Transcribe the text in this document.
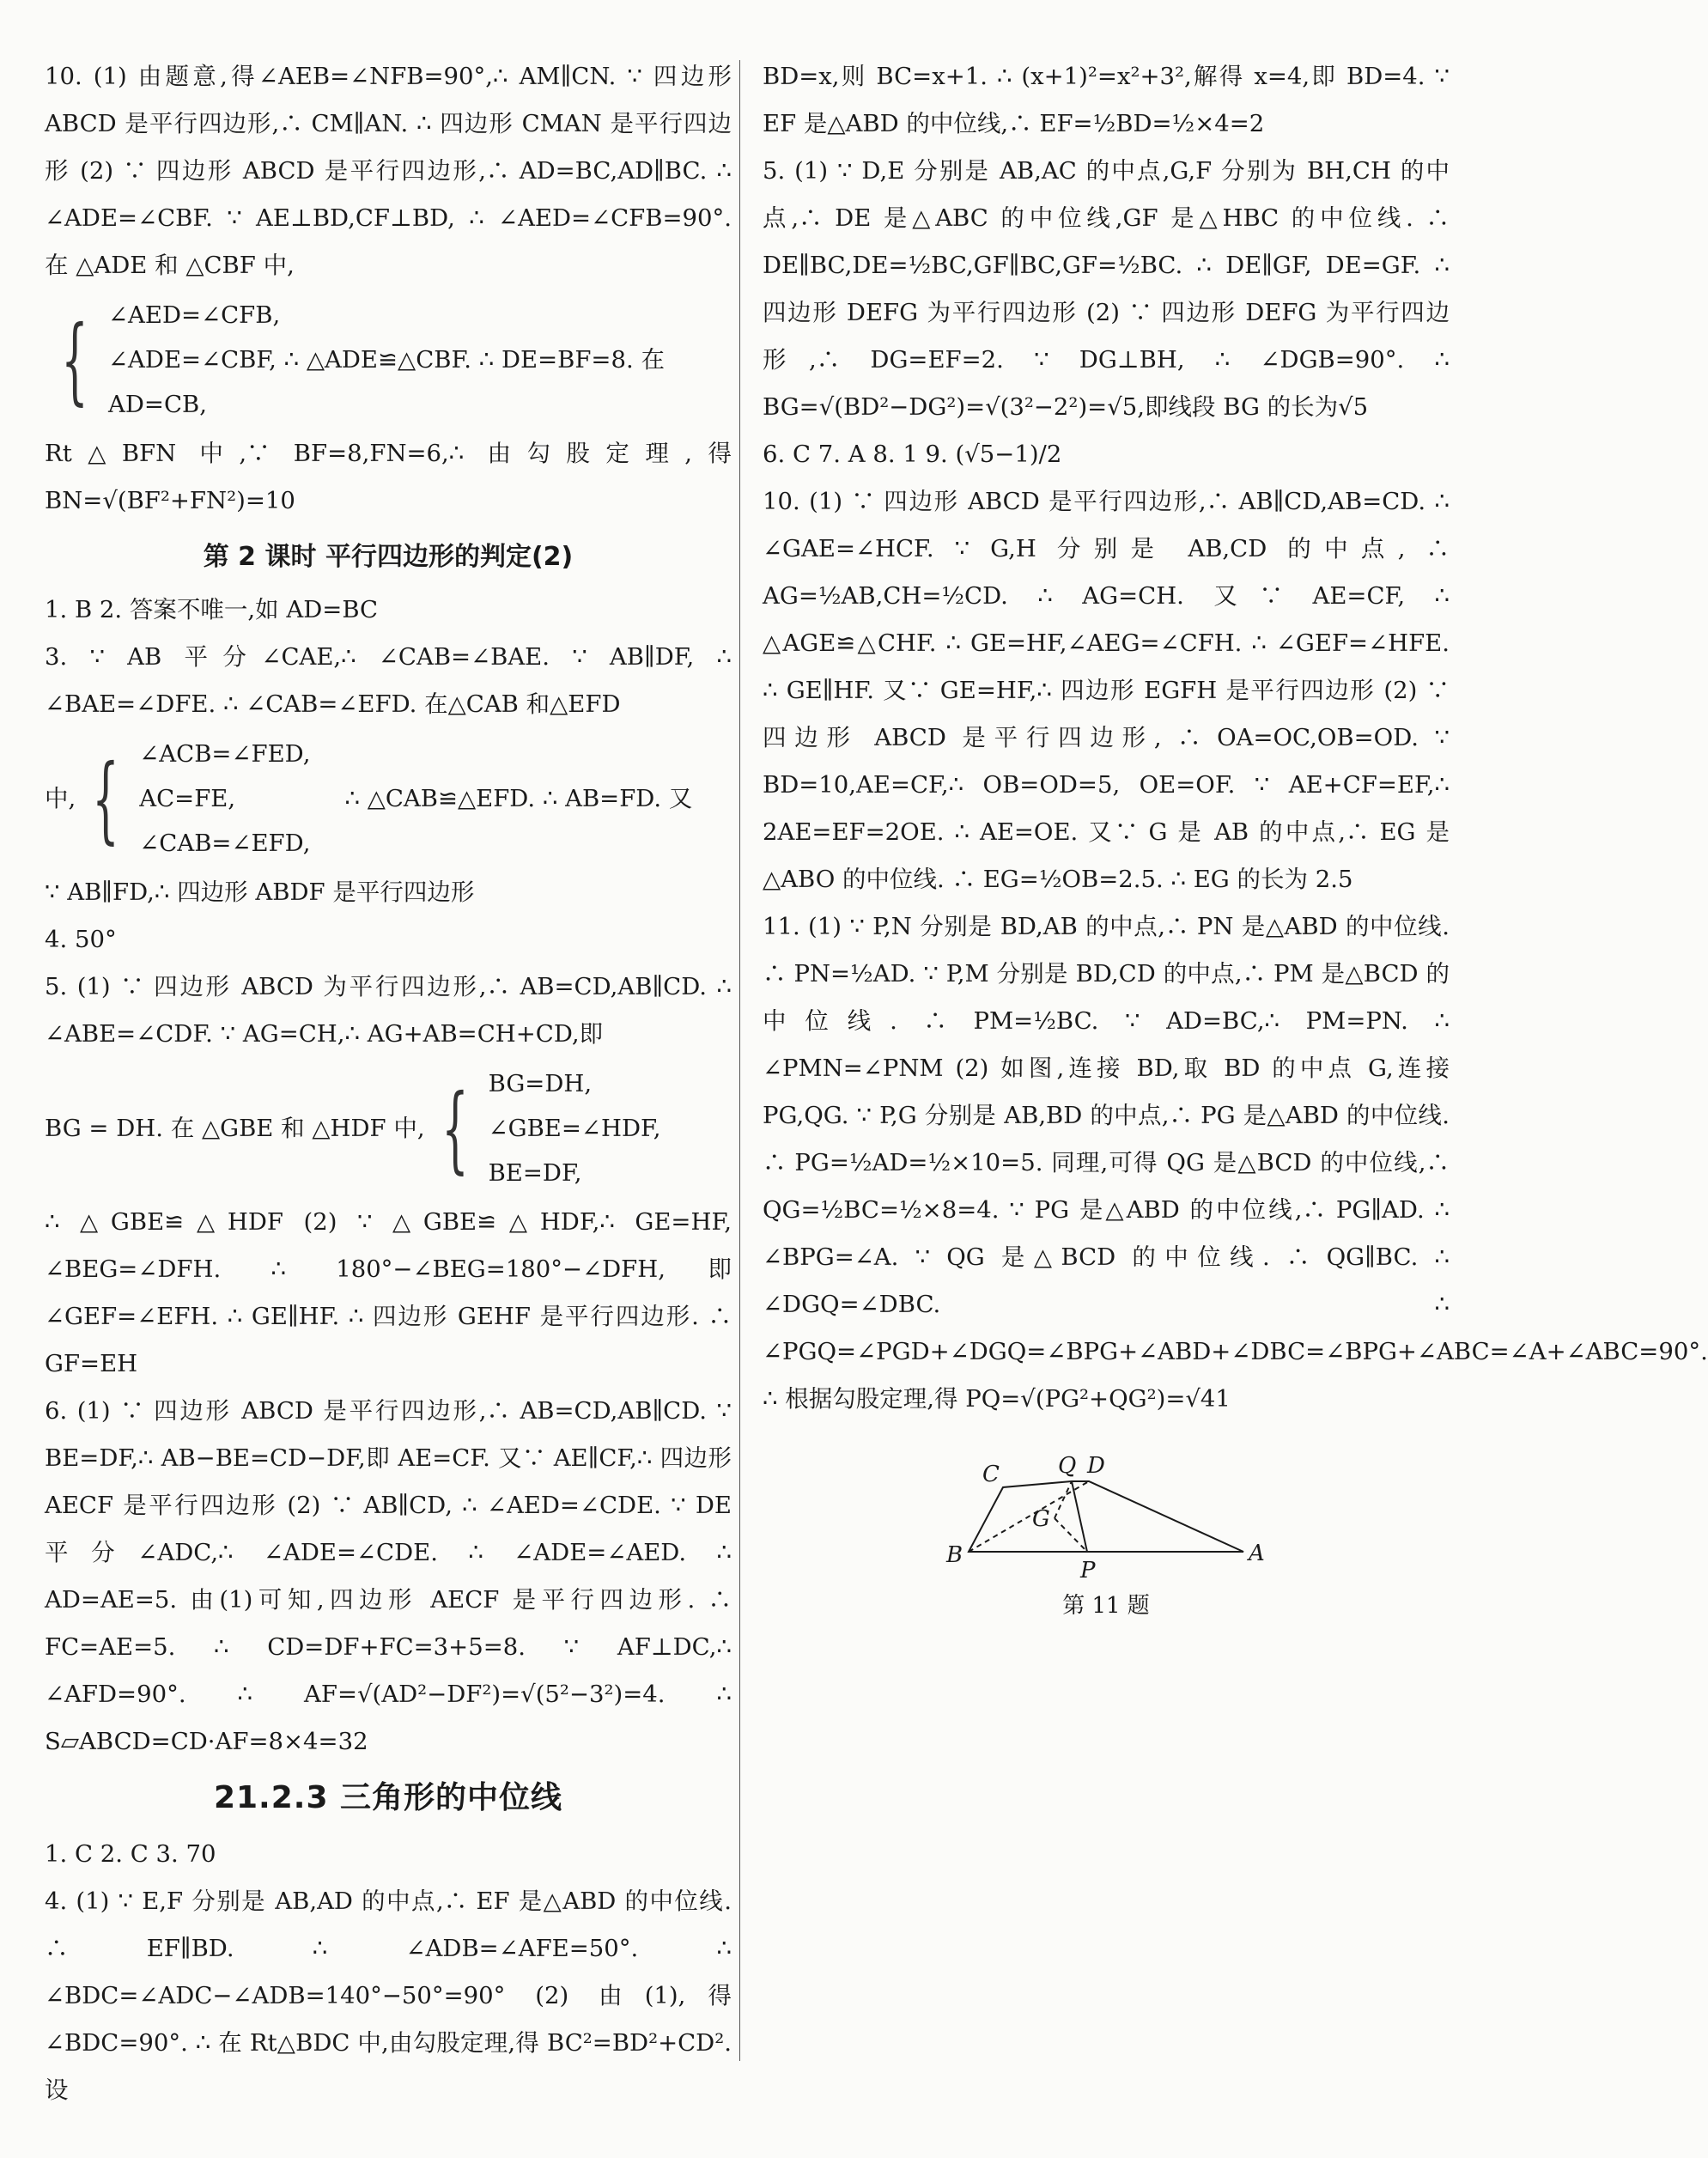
10. (1) 由题意,得∠AEB=∠NFB=90°,∴ AM∥CN. ∵ 四边形 ABCD 是平行四边形,∴ CM∥AN. ∴ 四边形 CMAN 是平行四边形 (2) ∵ 四边形 ABCD 是平行四边形,∴ AD=BC,AD∥BC. ∴ ∠ADE=∠CBF. ∵ AE⊥BD,CF⊥BD, ∴ ∠AED=∠CFB=90°. 在 △ADE 和 △CBF 中,

{ ∠AED=∠CFB,
∠ADE=∠CBF, ∴ △ADE≌△CBF. ∴ DE=BF=8. 在
AD=CB,

Rt△BFN 中,∵ BF=8,FN=6,∴ 由勾股定理,得 BN=√(BF²+FN²)=10

第 2 课时 平行四边形的判定(2)

1. B 2. 答案不唯一,如 AD=BC

3. ∵ AB 平分∠CAE,∴ ∠CAB=∠BAE. ∵ AB∥DF, ∴ ∠BAE=∠DFE. ∴ ∠CAB=∠EFD. 在△CAB 和△EFD

中, { ∠ACB=∠FED,
AC=FE,
∠CAB=∠EFD,
∴ △CAB≌△EFD. ∴ AB=FD. 又

∵ AB∥FD,∴ 四边形 ABDF 是平行四边形

4. 50°

5. (1) ∵ 四边形 ABCD 为平行四边形,∴ AB=CD,AB∥CD. ∴ ∠ABE=∠CDF. ∵ AG=CH,∴ AG+AB=CH+CD,即

BG = DH. 在 △GBE 和 △HDF 中, { BG=DH,
∠GBE=∠HDF,
BE=DF,

∴ △GBE≌△HDF (2) ∵ △GBE≌△HDF,∴ GE=HF, ∠BEG=∠DFH. ∴ 180°−∠BEG=180°−∠DFH,即∠GEF=∠EFH. ∴ GE∥HF. ∴ 四边形 GEHF 是平行四边形. ∴ GF=EH

6. (1) ∵ 四边形 ABCD 是平行四边形,∴ AB=CD,AB∥CD. ∵ BE=DF,∴ AB−BE=CD−DF,即 AE=CF. 又∵ AE∥CF,∴ 四边形 AECF 是平行四边形 (2) ∵ AB∥CD, ∴ ∠AED=∠CDE. ∵ DE 平分∠ADC,∴ ∠ADE=∠CDE. ∴ ∠ADE=∠AED. ∴ AD=AE=5. 由(1)可知,四边形 AECF 是平行四边形. ∴ FC=AE=5. ∴ CD=DF+FC=3+5=8. ∵ AF⊥DC,∴ ∠AFD=90°. ∴ AF=√(AD²−DF²)=√(5²−3²)=4. ∴ S▱ABCD=CD·AF=8×4=32

21.2.3 三角形的中位线

1. C 2. C 3. 70

4. (1) ∵ E,F 分别是 AB,AD 的中点,∴ EF 是△ABD 的中位线. ∴ EF∥BD. ∴ ∠ADB=∠AFE=50°. ∴ ∠BDC=∠ADC−∠ADB=140°−50°=90° (2) 由(1),得∠BDC=90°. ∴ 在 Rt△BDC 中,由勾股定理,得 BC²=BD²+CD². 设

BD=x,则 BC=x+1. ∴ (x+1)²=x²+3²,解得 x=4,即 BD=4. ∵ EF 是△ABD 的中位线,∴ EF=½BD=½×4=2

5. (1) ∵ D,E 分别是 AB,AC 的中点,G,F 分别为 BH,CH 的中点,∴ DE 是△ABC 的中位线,GF 是△HBC 的中位线. ∴ DE∥BC,DE=½BC,GF∥BC,GF=½BC. ∴ DE∥GF, DE=GF. ∴ 四边形 DEFG 为平行四边形 (2) ∵ 四边形 DEFG 为平行四边形,∴ DG=EF=2. ∵ DG⊥BH, ∴ ∠DGB=90°. ∴ BG=√(BD²−DG²)=√(3²−2²)=√5,即线段 BG 的长为√5

6. C 7. A 8. 1 9. (√5−1)/2

10. (1) ∵ 四边形 ABCD 是平行四边形,∴ AB∥CD,AB=CD. ∴ ∠GAE=∠HCF. ∵ G,H 分别是 AB,CD 的中点, ∴ AG=½AB,CH=½CD. ∴ AG=CH. 又∵ AE=CF, ∴ △AGE≌△CHF. ∴ GE=HF,∠AEG=∠CFH. ∴ ∠GEF=∠HFE. ∴ GE∥HF. 又∵ GE=HF,∴ 四边形 EGFH 是平行四边形 (2) ∵ 四边形 ABCD 是平行四边形, ∴ OA=OC,OB=OD. ∵ BD=10,AE=CF,∴ OB=OD=5, OE=OF. ∵ AE+CF=EF,∴ 2AE=EF=2OE. ∴ AE=OE. 又∵ G 是 AB 的中点,∴ EG 是△ABO 的中位线. ∴ EG=½OB=2.5. ∴ EG 的长为 2.5

11. (1) ∵ P,N 分别是 BD,AB 的中点,∴ PN 是△ABD 的中位线. ∴ PN=½AD. ∵ P,M 分别是 BD,CD 的中点,∴ PM 是△BCD 的中位线. ∴ PM=½BC. ∵ AD=BC,∴ PM=PN. ∴ ∠PMN=∠PNM (2) 如图,连接 BD,取 BD 的中点 G,连接 PG,QG. ∵ P,G 分别是 AB,BD 的中点,∴ PG 是△ABD 的中位线. ∴ PG=½AD=½×10=5. 同理,可得 QG 是△BCD 的中位线,∴ QG=½BC=½×8=4. ∵ PG 是△ABD 的中位线,∴ PG∥AD. ∴ ∠BPG=∠A. ∵ QG 是△BCD 的中位线. ∴ QG∥BC. ∴ ∠DGQ=∠DBC. ∴ ∠PGQ=∠PGD+∠DGQ=∠BPG+∠ABD+∠DBC=∠BPG+∠ABC=∠A+∠ABC=90°. ∴ 根据勾股定理,得 PQ=√(PG²+QG²)=√41

C	Q D
G
B
P
A
第 11 题
